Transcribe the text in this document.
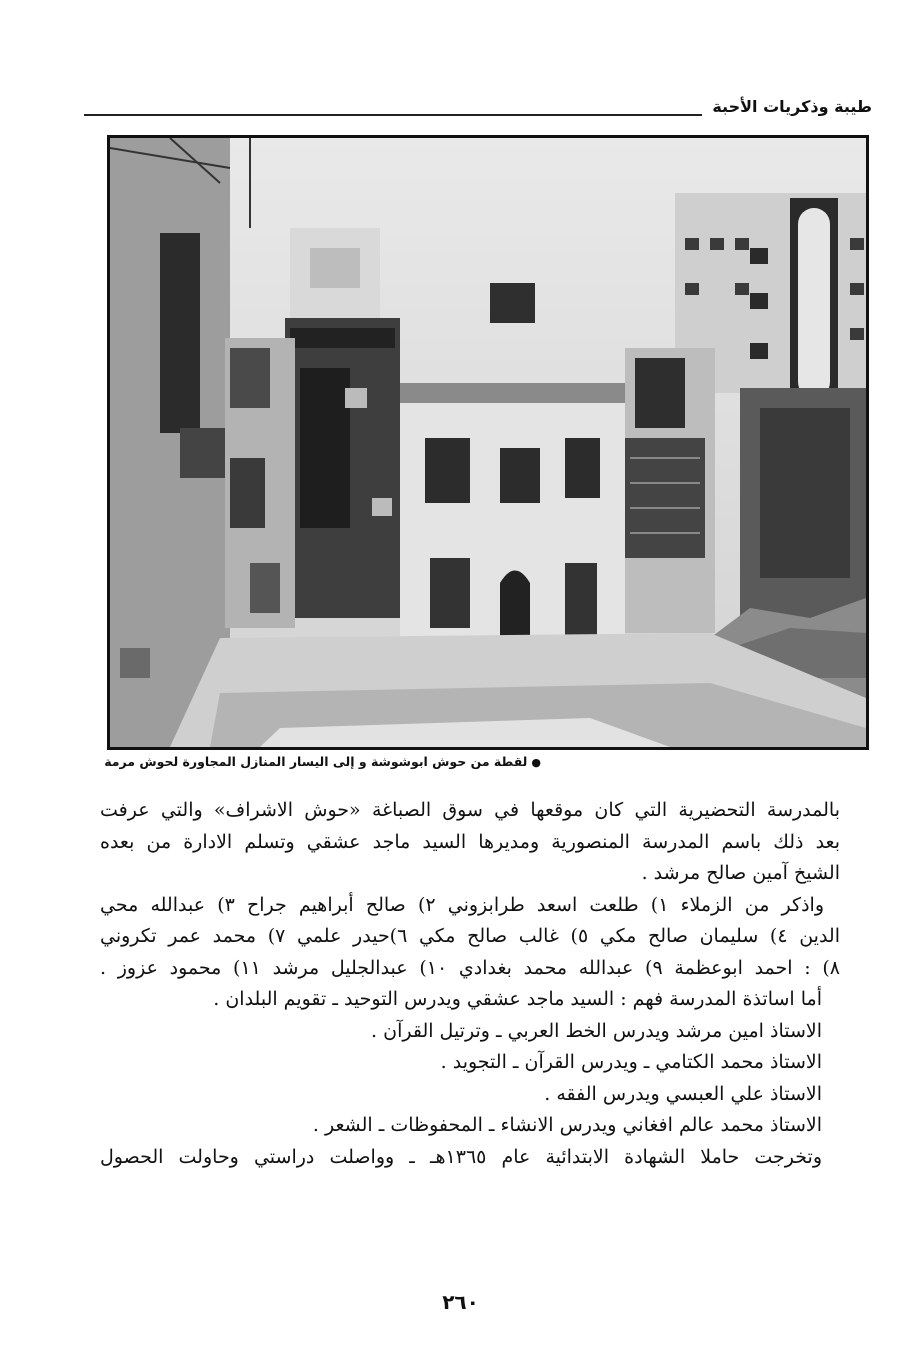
طيبة وذكريات الأحبة
●لقطة من حوش ابوشوشة و إلى اليسار المنازل المجاورة لحوش مرمة
بالمدرسة التحضيرية التي كان موقعها في سوق الصباغة «حوش الاشراف» والتي عرفت
بعد ذلك باسم المدرسة المنصورية ومديرها السيد ماجد عشقي وتسلم الادارة من بعده
الشيخ آمين صالح مرشد .
واذكر من الزملاء ١) طلعت اسعد طرابزوني ٢) صالح أبراهيم جراح ٣) عبدالله محي
الدين ٤) سليمان صالح مكي ٥) غالب صالح مكي ٦)حيدر علمي ٧) محمد عمر تكروني
٨) : احمد ابوعظمة ٩) عبدالله محمد بغدادي ١٠) عبدالجليل مرشد ١١) محمود عزوز .
أما اساتذة المدرسة فهم : السيد ماجد عشقي ويدرس التوحيد ـ تقويم البلدان .
الاستاذ امين مرشد ويدرس الخط العربي ـ وترتيل القرآن .
الاستاذ محمد الكتامي ـ ويدرس القرآن ـ التجويد .
الاستاذ علي العبسي ويدرس الفقه .
الاستاذ محمد عالم افغاني ويدرس الانشاء ـ المحفوظات ـ الشعر .
وتخرجت حاملا الشهادة الابتدائية عام ١٣٦٥هـ ـ وواصلت دراستي وحاولت الحصول
٢٦٠
